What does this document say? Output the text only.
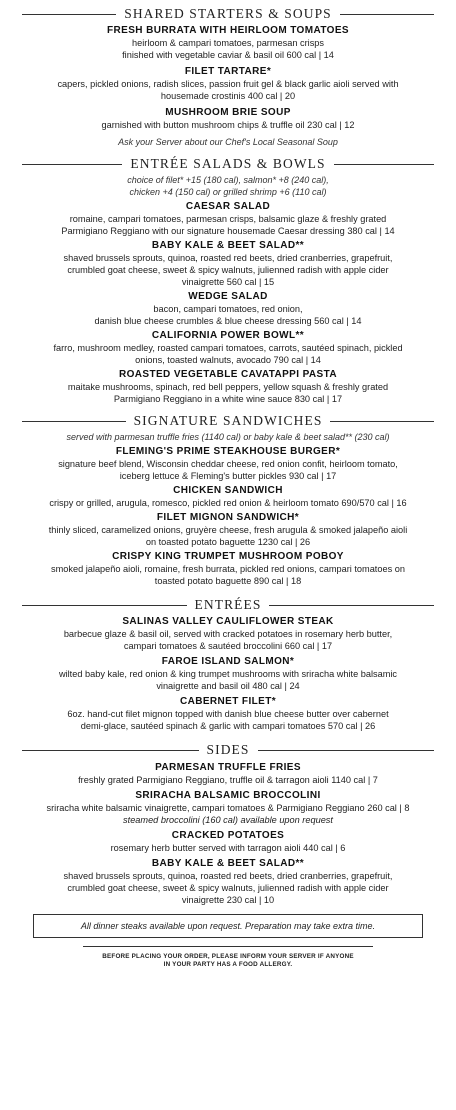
SHARED STARTERS & SOUPS
FRESH BURRATA WITH HEIRLOOM TOMATOES
heirloom & campari tomatoes, parmesan crisps
finished with vegetable caviar & basil oil 600 cal | 14
FILET TARTARE*
capers, pickled onions, radish slices, passion fruit gel & black garlic aioli served with
housemade crostinis 400 cal | 20
MUSHROOM BRIE SOUP
garnished with button mushroom chips & truffle oil 230 cal | 12
Ask your Server about our Chef's Local Seasonal Soup
ENTRÉE SALADS & BOWLS
choice of filet* +15 (180 cal), salmon* +8 (240 cal),
chicken +4 (150 cal) or grilled shrimp +6 (110 cal)
CAESAR SALAD
romaine, campari tomatoes, parmesan crisps, balsamic glaze & freshly grated
Parmigiano Reggiano with our signature housemade Caesar dressing 380 cal | 14
BABY KALE & BEET SALAD**
shaved brussels sprouts, quinoa, roasted red beets, dried cranberries, grapefruit,
crumbled goat cheese, sweet & spicy walnuts, julienned radish with apple cider
vinaigrette 560 cal | 15
WEDGE SALAD
bacon, campari tomatoes, red onion,
danish blue cheese crumbles & blue cheese dressing 560 cal | 14
CALIFORNIA POWER BOWL**
farro, mushroom medley, roasted campari tomatoes, carrots, sautéed spinach, pickled
onions, toasted walnuts, avocado 790 cal | 14
ROASTED VEGETABLE CAVATAPPI PASTA
maitake mushrooms, spinach, red bell peppers, yellow squash & freshly grated
Parmigiano Reggiano in a white wine sauce 830 cal | 17
SIGNATURE SANDWICHES
served with parmesan truffle fries (1140 cal) or baby kale & beet salad** (230 cal)
FLEMING'S PRIME STEAKHOUSE BURGER*
signature beef blend, Wisconsin cheddar cheese, red onion confit, heirloom tomato,
iceberg lettuce & Fleming's butter pickles 930 cal | 17
CHICKEN SANDWICH
crispy or grilled, arugula, romesco, pickled red onion & heirloom tomato 690/570 cal | 16
FILET MIGNON SANDWICH*
thinly sliced, caramelized onions, gruyère cheese, fresh arugula & smoked jalapeño aioli
on toasted potato baguette 1230 cal | 26
CRISPY KING TRUMPET MUSHROOM POBOY
smoked jalapeño aioli, romaine, fresh burrata, pickled red onions, campari tomatoes on
toasted potato baguette 890 cal | 18
ENTRÉES
SALINAS VALLEY CAULIFLOWER STEAK
barbecue glaze & basil oil, served with cracked potatoes in rosemary herb butter,
campari tomatoes & sautéed broccolini 660 cal | 17
FAROE ISLAND SALMON*
wilted baby kale, red onion & king trumpet mushrooms with sriracha white balsamic
vinaigrette and basil oil 480 cal | 24
CABERNET FILET*
6oz. hand-cut filet mignon topped with danish blue cheese butter over cabernet
demi-glace, sautéed spinach & garlic with campari tomatoes 570 cal | 26
SIDES
PARMESAN TRUFFLE FRIES
freshly grated Parmigiano Reggiano, truffle oil & tarragon aioli 1140 cal | 7
SRIRACHA BALSAMIC BROCCOLINI
sriracha white balsamic vinaigrette, campari tomatoes & Parmigiano Reggiano 260 cal | 8
steamed broccolini (160 cal) available upon request
CRACKED POTATOES
rosemary herb butter served with tarragon aioli 440 cal | 6
BABY KALE & BEET SALAD**
shaved brussels sprouts, quinoa, roasted red beets, dried cranberries, grapefruit,
crumbled goat cheese, sweet & spicy walnuts, julienned radish with apple cider
vinaigrette 230 cal | 10
All dinner steaks available upon request. Preparation may take extra time.
BEFORE PLACING YOUR ORDER, PLEASE INFORM YOUR SERVER IF ANYONE
IN YOUR PARTY HAS A FOOD ALLERGY.
